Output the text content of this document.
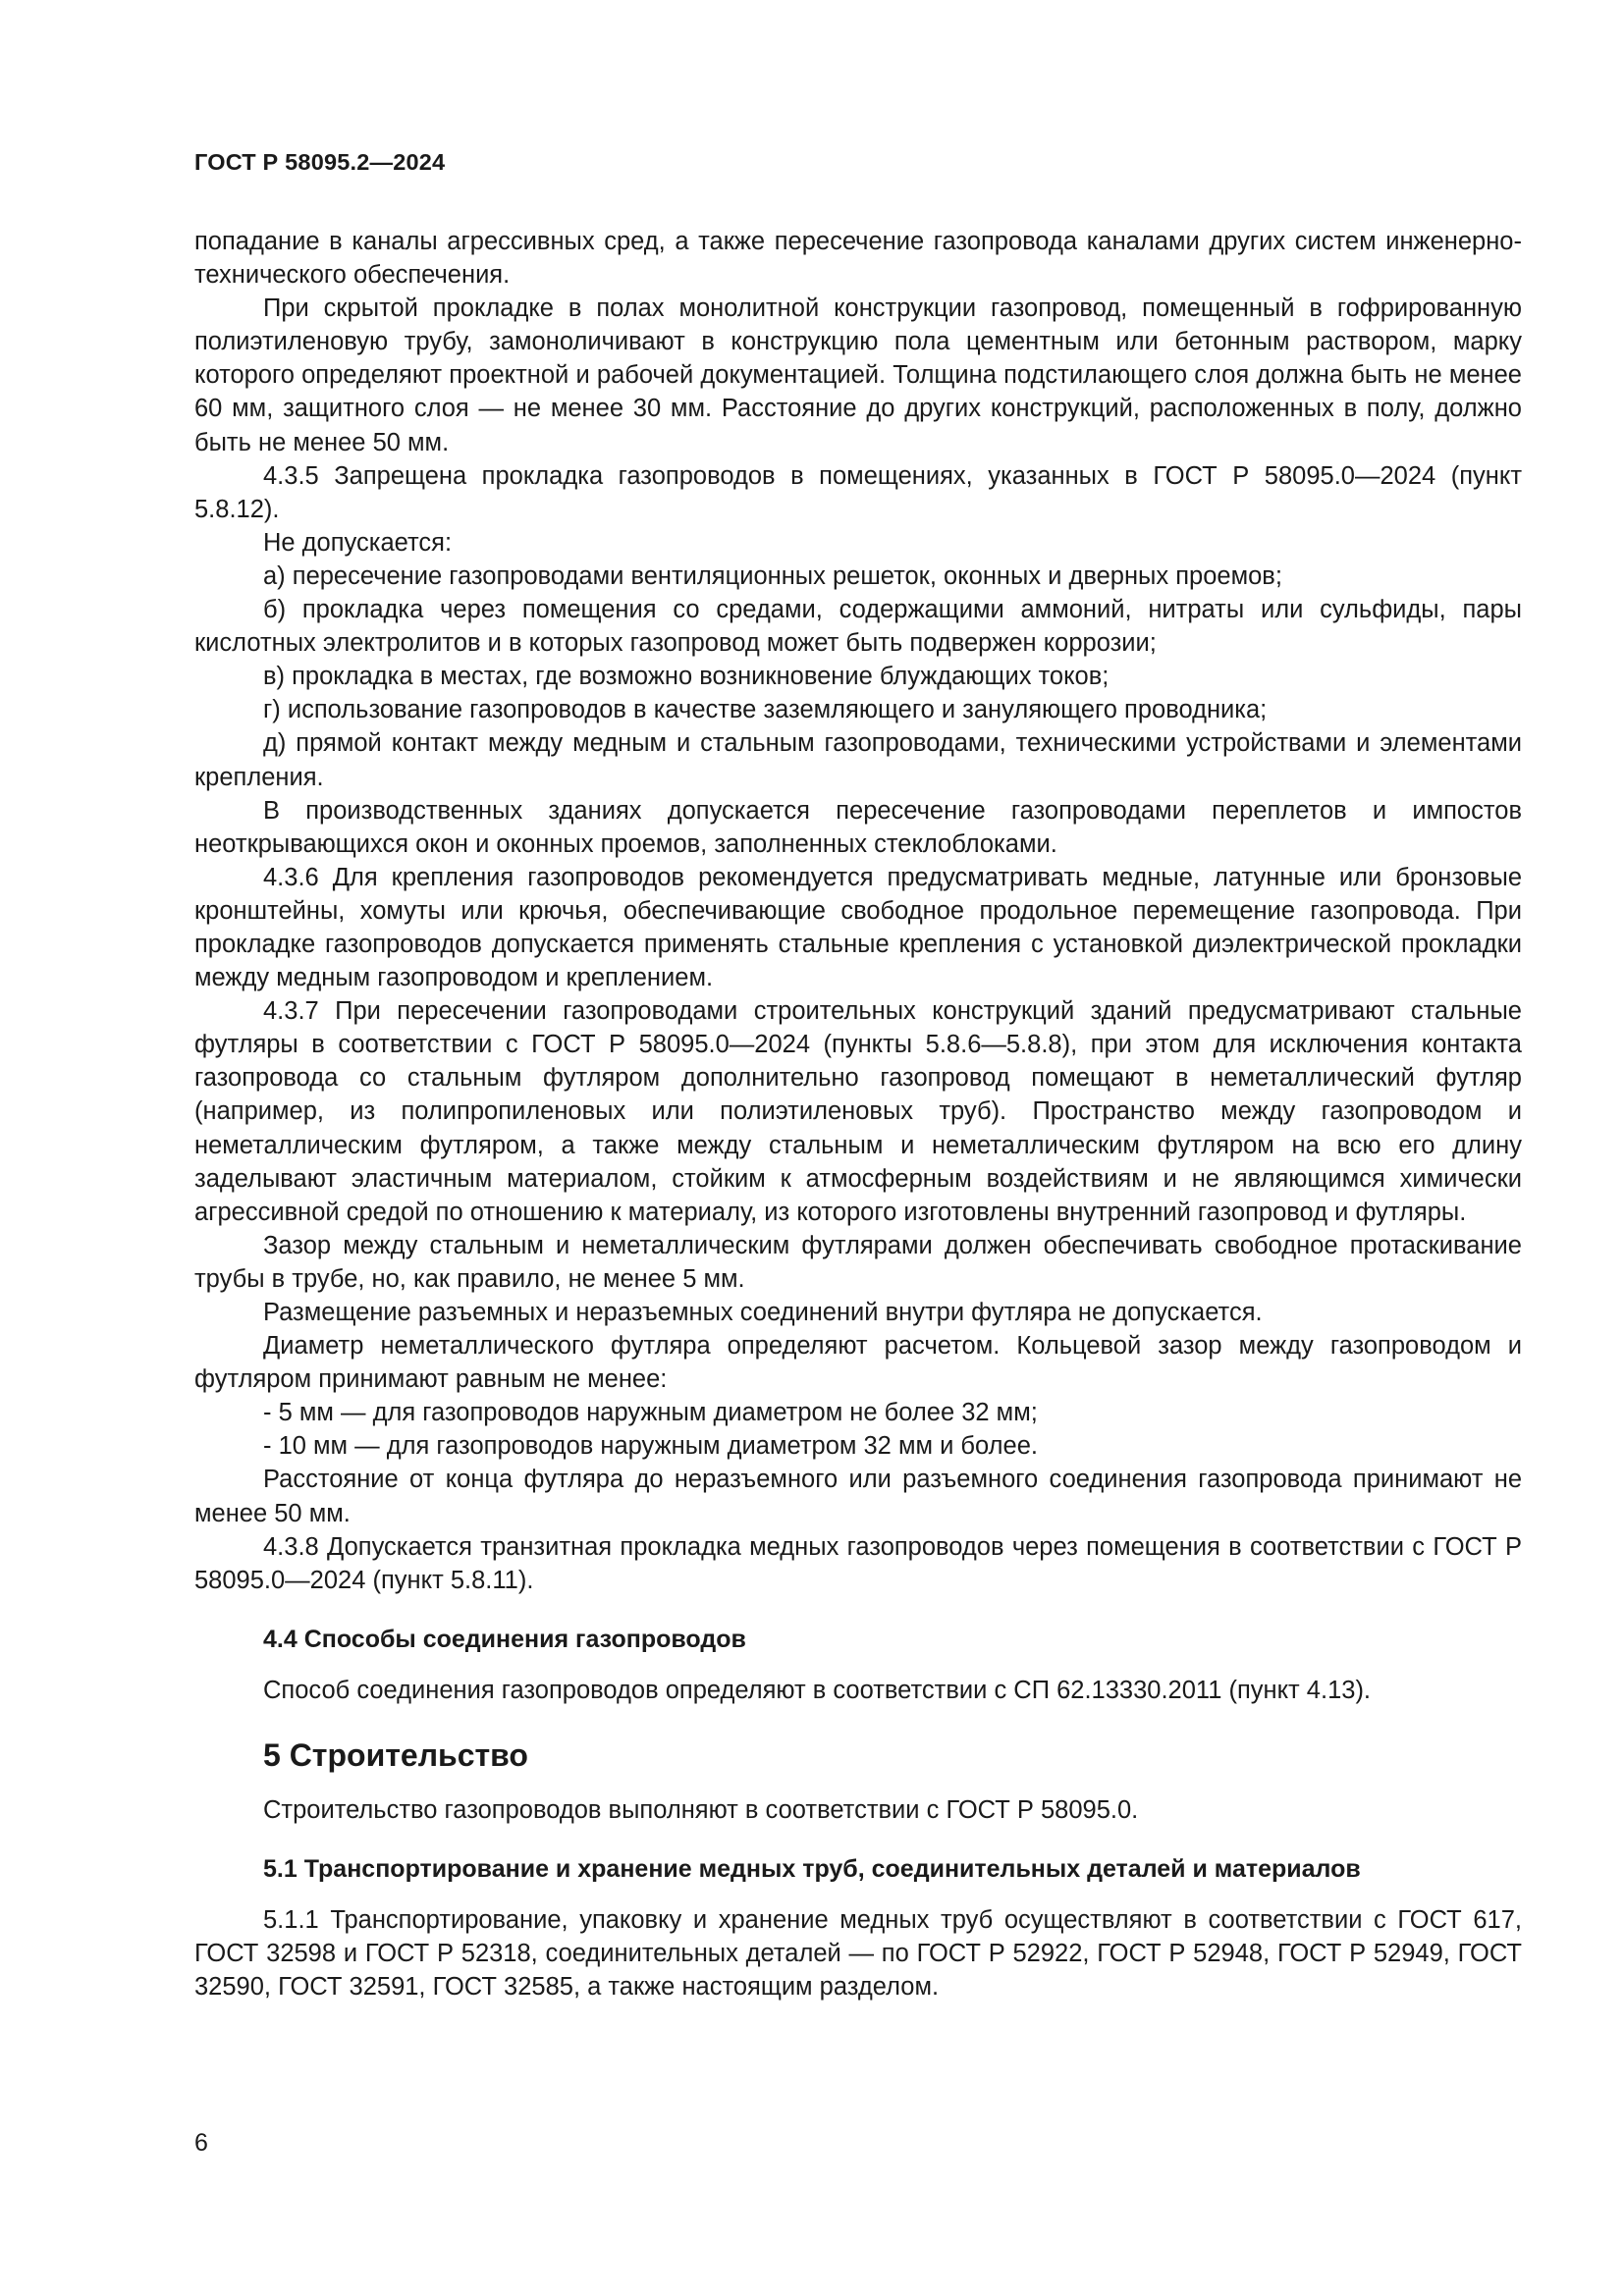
ГОСТ Р 58095.2—2024

попадание в каналы агрессивных сред, а также пересечение газопровода каналами других систем инженерно-технического обеспечения.

При скрытой прокладке в полах монолитной конструкции газопровод, помещенный в гофрированную полиэтиленовую трубу, замоноличивают в конструкцию пола цементным или бетонным раствором, марку которого определяют проектной и рабочей документацией. Толщина подстилающего слоя должна быть не менее 60 мм, защитного слоя — не менее 30 мм. Расстояние до других конструкций, расположенных в полу, должно быть не менее 50 мм.

4.3.5 Запрещена прокладка газопроводов в помещениях, указанных в ГОСТ Р 58095.0—2024 (пункт 5.8.12).

Не допускается:

а) пересечение газопроводами вентиляционных решеток, оконных и дверных проемов;

б) прокладка через помещения со средами, содержащими аммоний, нитраты или сульфиды, пары кислотных электролитов и в которых газопровод может быть подвержен коррозии;

в) прокладка в местах, где возможно возникновение блуждающих токов;

г) использование газопроводов в качестве заземляющего и зануляющего проводника;

д) прямой контакт между медным и стальным газопроводами, техническими устройствами и элементами крепления.

В производственных зданиях допускается пересечение газопроводами переплетов и импостов неоткрывающихся окон и оконных проемов, заполненных стеклоблоками.

4.3.6 Для крепления газопроводов рекомендуется предусматривать медные, латунные или бронзовые кронштейны, хомуты или крючья, обеспечивающие свободное продольное перемещение газопровода. При прокладке газопроводов допускается применять стальные крепления с установкой диэлектрической прокладки между медным газопроводом и креплением.

4.3.7 При пересечении газопроводами строительных конструкций зданий предусматривают стальные футляры в соответствии с ГОСТ Р 58095.0—2024 (пункты 5.8.6—5.8.8), при этом для исключения контакта газопровода со стальным футляром дополнительно газопровод помещают в неметаллический футляр (например, из полипропиленовых или полиэтиленовых труб). Пространство между газопроводом и неметаллическим футляром, а также между стальным и неметаллическим футляром на всю его длину заделывают эластичным материалом, стойким к атмосферным воздействиям и не являющимся химически агрессивной средой по отношению к материалу, из которого изготовлены внутренний газопровод и футляры.

Зазор между стальным и неметаллическим футлярами должен обеспечивать свободное протаскивание трубы в трубе, но, как правило, не менее 5 мм.

Размещение разъемных и неразъемных соединений внутри футляра не допускается.

Диаметр неметаллического футляра определяют расчетом. Кольцевой зазор между газопроводом и футляром принимают равным не менее:

- 5 мм — для газопроводов наружным диаметром не более 32 мм;

- 10 мм — для газопроводов наружным диаметром 32 мм и более.

Расстояние от конца футляра до неразъемного или разъемного соединения газопровода принимают не менее 50 мм.

4.3.8 Допускается транзитная прокладка медных газопроводов через помещения в соответствии с ГОСТ Р 58095.0—2024 (пункт 5.8.11).

4.4 Способы соединения газопроводов

Способ соединения газопроводов определяют в соответствии с СП 62.13330.2011 (пункт 4.13).

5 Строительство

Строительство газопроводов выполняют в соответствии с ГОСТ Р 58095.0.

5.1 Транспортирование и хранение медных труб, соединительных деталей и материалов

5.1.1 Транспортирование, упаковку и хранение медных труб осуществляют в соответствии с ГОСТ 617, ГОСТ 32598 и ГОСТ Р 52318, соединительных деталей — по ГОСТ Р 52922, ГОСТ Р 52948, ГОСТ Р 52949, ГОСТ 32590, ГОСТ 32591, ГОСТ 32585, а также настоящим разделом.

6
